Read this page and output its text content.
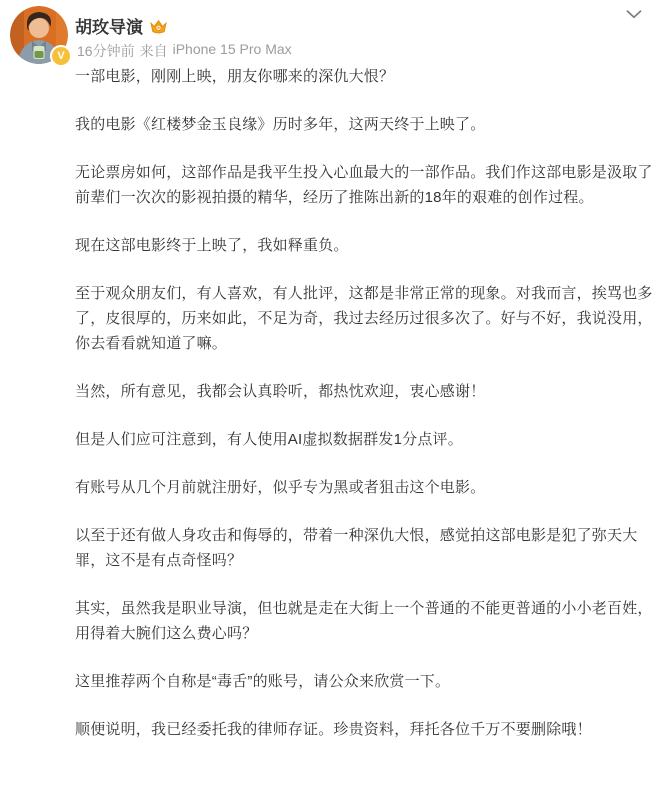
V
胡玫导演
16分钟前 来自 iPhone 15 Pro Max

一部电影，刚刚上映，朋友你哪来的深仇大恨？

我的电影《红楼梦金玉良缘》历时多年，这两天终于上映了。

无论票房如何，这部作品是我平生投入心血最大的一部作品。我们作这部电影是汲取了前辈们一次次的影视拍摄的精华，经历了推陈出新的18年的艰难的创作过程。

现在这部电影终于上映了，我如释重负。

至于观众朋友们，有人喜欢，有人批评，这都是非常正常的现象。对我而言，挨骂也多了，皮很厚的，历来如此，不足为奇，我过去经历过很多次了。好与不好，我说没用，你去看看就知道了嘛。

当然，所有意见，我都会认真聆听，都热忱欢迎，衷心感谢！

但是人们应可注意到，有人使用AI虚拟数据群发1分点评。

有账号从几个月前就注册好，似乎专为黑或者狙击这个电影。

以至于还有做人身攻击和侮辱的，带着一种深仇大恨，感觉拍这部电影是犯了弥天大罪，这不是有点奇怪吗？

其实，虽然我是职业导演，但也就是走在大街上一个普通的不能更普通的小小老百姓，用得着大腕们这么费心吗？

这里推荐两个自称是“毒舌”的账号，请公众来欣赏一下。

顺便说明，我已经委托我的律师存证。珍贵资料，拜托各位千万不要删除哦！
